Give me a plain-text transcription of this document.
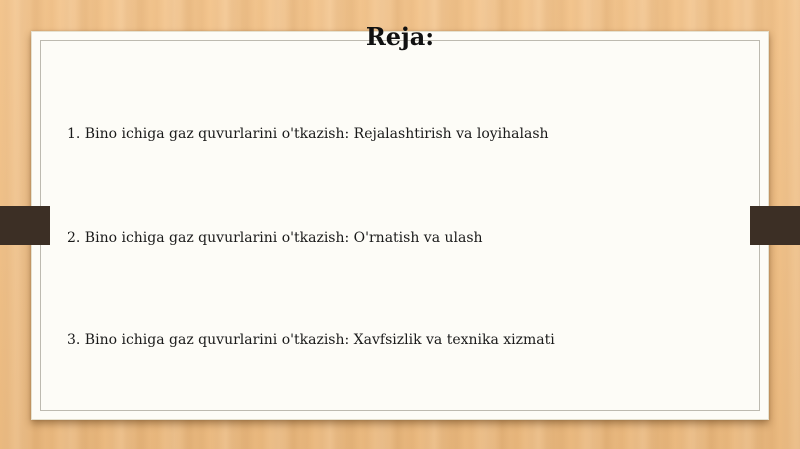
Reja:
1. Bino ichiga gaz quvurlarini o'tkazish: Rejalashtirish va loyihalash
2. Bino ichiga gaz quvurlarini o'tkazish: O'rnatish va ulash
3. Bino ichiga gaz quvurlarini o'tkazish: Xavfsizlik va texnika xizmati
